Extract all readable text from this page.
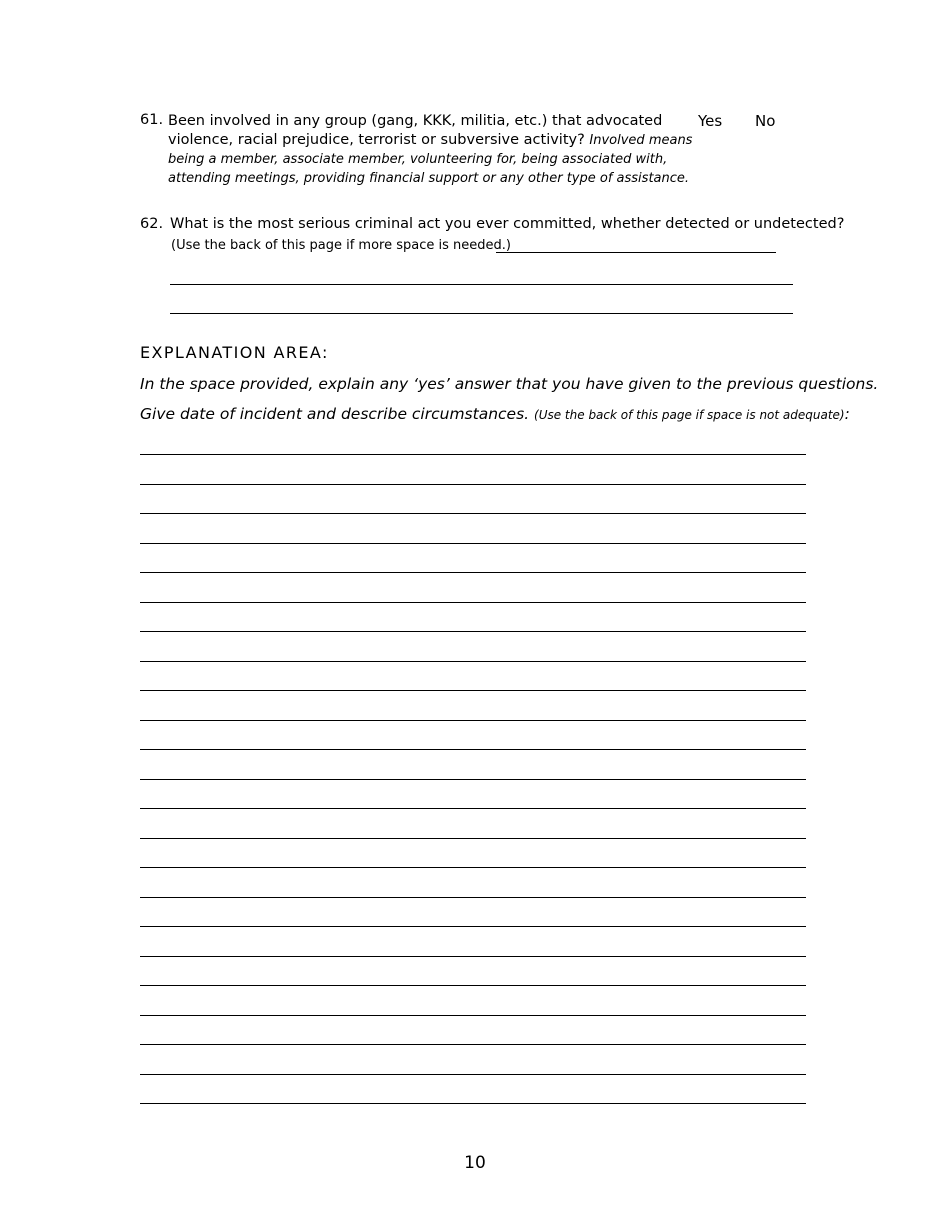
61. Been involved in any group (gang, KKK, militia, etc.) that advocated
violence, racial prejudice, terrorist or subversive activity? Involved means
being a member, associate member, volunteering for, being associated with,
attending meetings, providing financial support or any other type of assistance.
Yes No
62. What is the most serious criminal act you ever committed, whether detected or undetected?
(Use the back of this page if more space is needed.)
EXPLANATION AREA:
In the space provided, explain any ‘yes’ answer that you have given to the previous questions.
Give date of incident and describe circumstances. (Use the back of this page if space is not adequate):
10
